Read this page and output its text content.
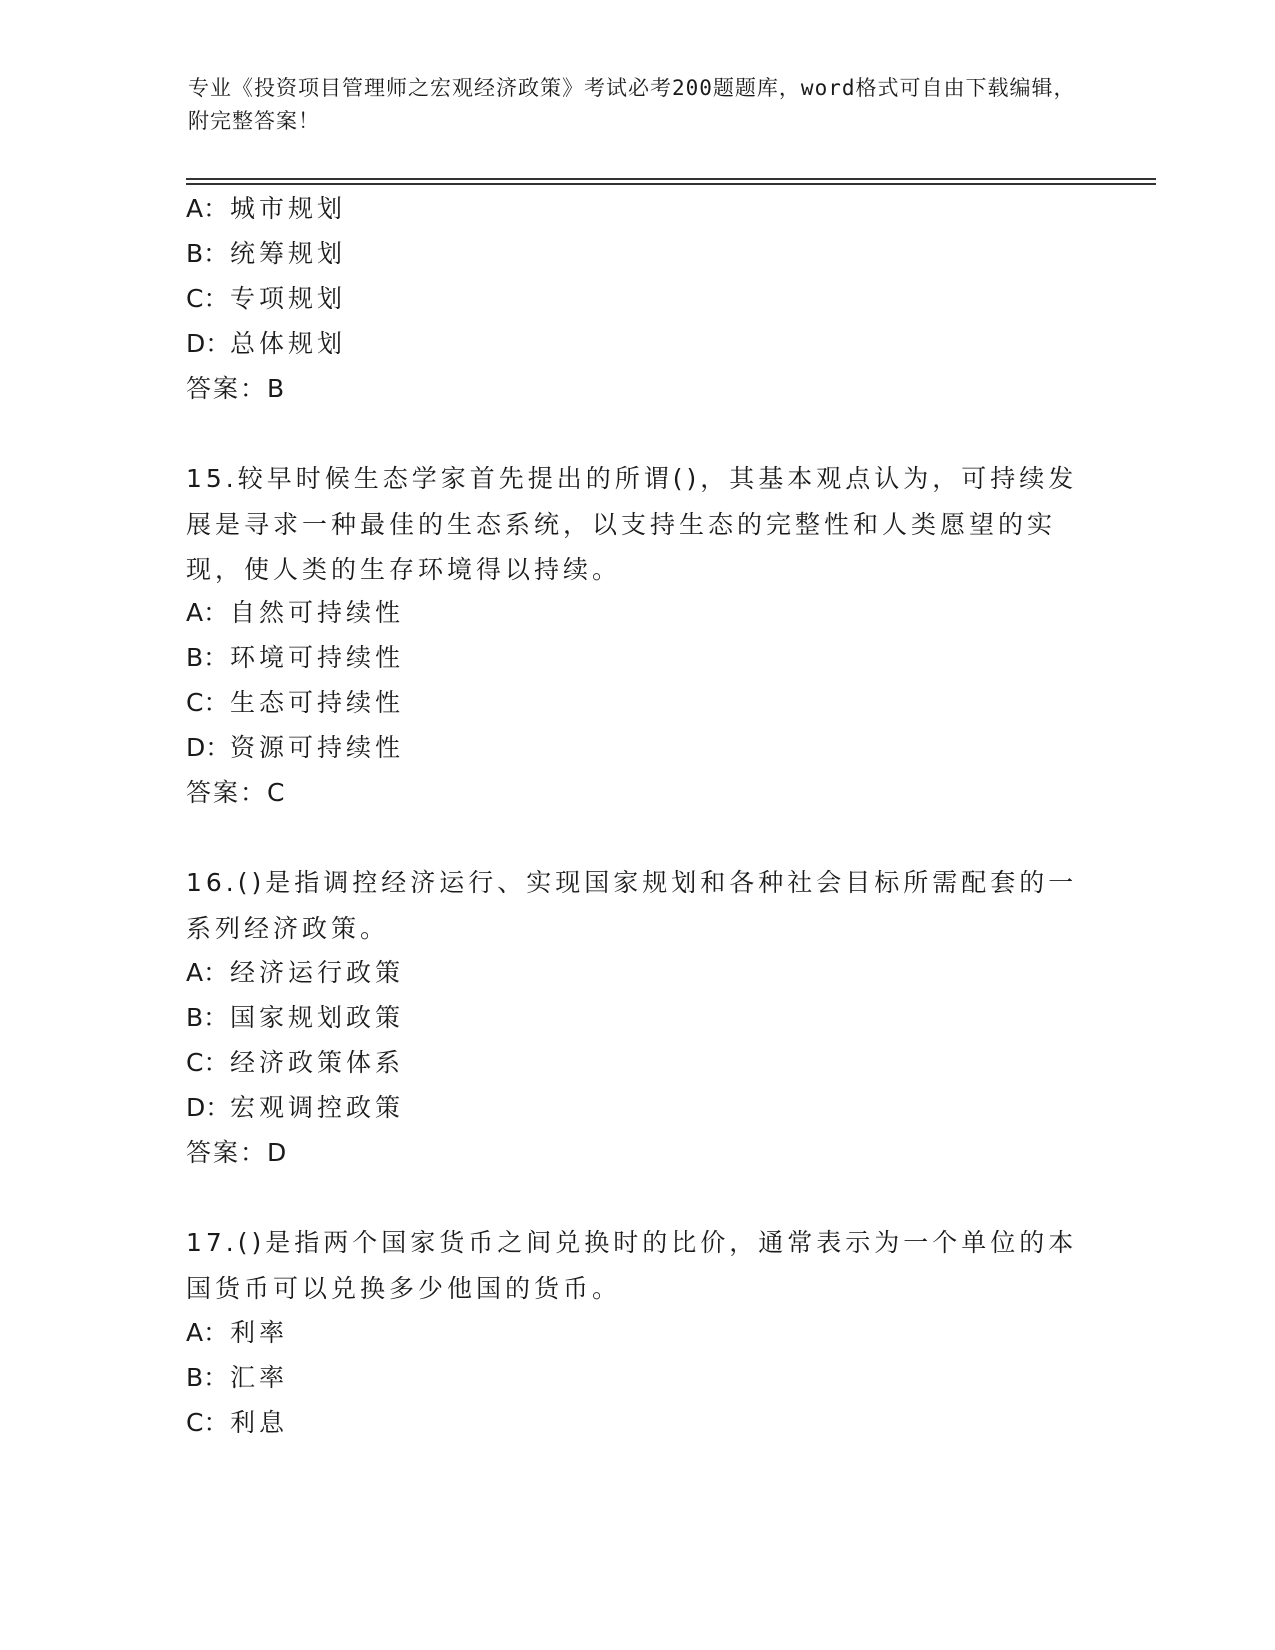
专业《投资项目管理师之宏观经济政策》考试必考200题题库，word格式可自由下载编辑，附完整答案！
A：城市规划
B：统筹规划
C：专项规划
D：总体规划
答案：B
15.较早时候生态学家首先提出的所谓()，其基本观点认为，可持续发展是寻求一种最佳的生态系统，以支持生态的完整性和人类愿望的实现，使人类的生存环境得以持续。
A：自然可持续性
B：环境可持续性
C：生态可持续性
D：资源可持续性
答案：C
16.()是指调控经济运行、实现国家规划和各种社会目标所需配套的一系列经济政策。
A：经济运行政策
B：国家规划政策
C：经济政策体系
D：宏观调控政策
答案：D
17.()是指两个国家货币之间兑换时的比价，通常表示为一个单位的本国货币可以兑换多少他国的货币。
A：利率
B：汇率
C：利息
